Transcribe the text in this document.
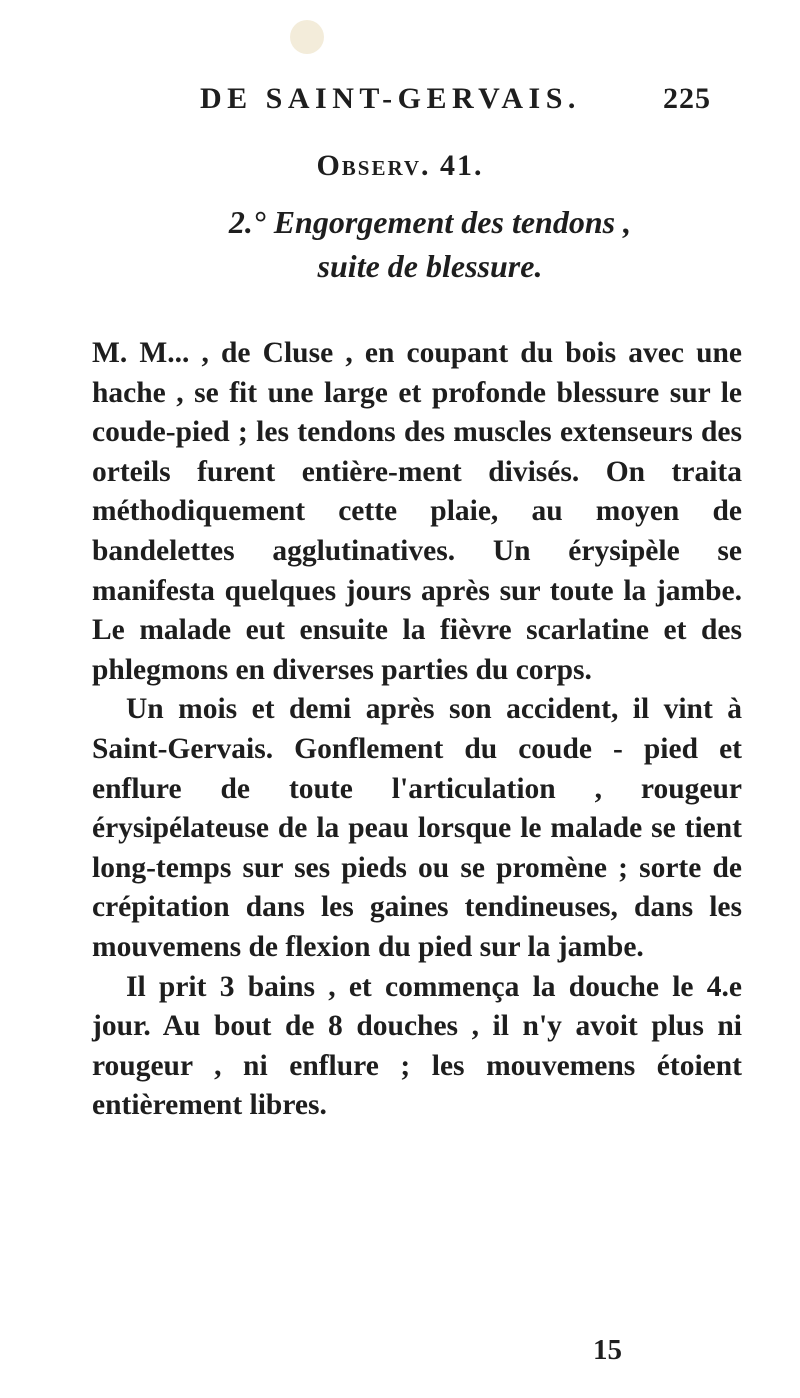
DE SAINT-GERVAIS.	225
Observ. 41.
2.° Engorgement des tendons , suite de blessure.

M. M... , de Cluse , en coupant du bois avec une hache , se fit une large et profonde blessure sur le coude-pied ; les tendons des muscles extenseurs des orteils furent entière-ment divisés. On traita méthodiquement cette plaie, au moyen de bandelettes agglutinatives. Un érysipèle se manifesta quelques jours après sur toute la jambe. Le malade eut ensuite la fièvre scarlatine et des phlegmons en diverses parties du corps.

Un mois et demi après son accident, il vint à Saint-Gervais. Gonflement du coude - pied et enflure de toute l'articulation , rougeur érysipélateuse de la peau lorsque le malade se tient long-temps sur ses pieds ou se promène ; sorte de crépitation dans les gaines tendineuses, dans les mouvemens de flexion du pied sur la jambe.

Il prit 3 bains , et commença la douche le 4.e jour. Au bout de 8 douches , il n'y avoit plus ni rougeur , ni enflure ; les mouvemens étoient entièrement libres.

15
